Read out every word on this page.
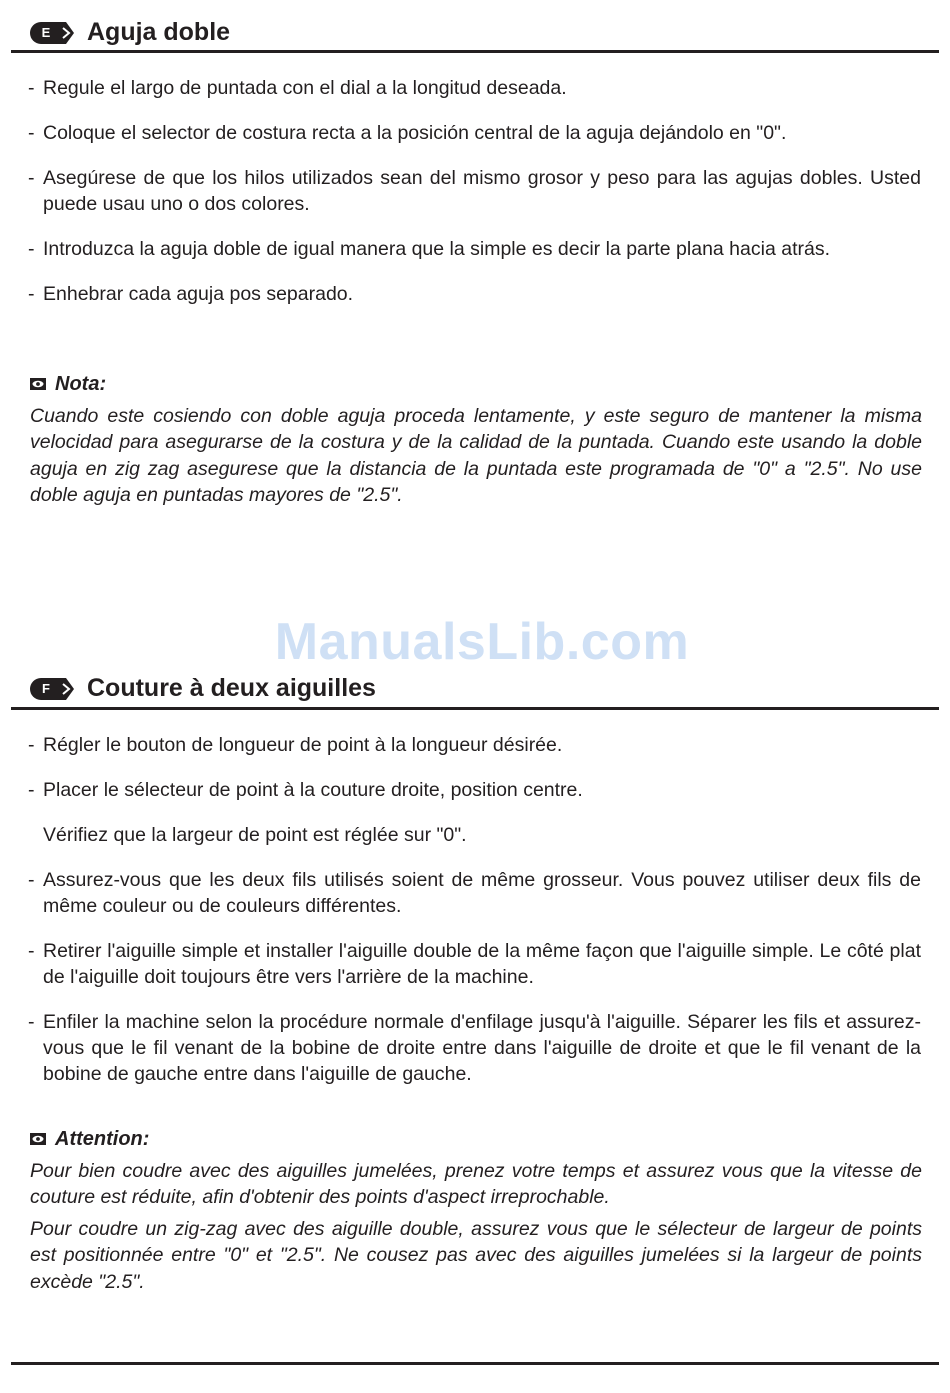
ManualsLib.com
E	Aguja doble
- Regule el largo de puntada con el dial a la longitud deseada.
- Coloque el selector de costura recta a la posición central de la aguja dejándolo en "0".
- Asegúrese de que los hilos utilizados sean del mismo grosor y peso para las agujas dobles. Usted puede usau uno o dos colores.
- Introduzca la aguja doble de igual manera que la simple es decir la parte plana hacia atrás.
- Enhebrar cada aguja pos separado.
Nota:

Cuando este cosiendo con doble aguja proceda lentamente, y este seguro de mantener la misma velocidad para asegurarse de la costura y de la calidad de la puntada. Cuando este usando la doble aguja en zig zag asegurese que la distancia de la puntada este programada de "0" a "2.5". No use doble aguja en puntadas mayores de "2.5".

F	Couture à deux aiguilles
- Régler le bouton de longueur de point à la longueur désirée.
- Placer le sélecteur de point à la couture droite, position centre.
Vérifiez que la largeur de point est réglée sur "0".
- Assurez-vous que les deux fils utilisés soient de même grosseur. Vous pouvez utiliser deux fils de même couleur ou de couleurs différentes.
- Retirer l'aiguille simple et installer l'aiguille double de la même façon que l'aiguille simple. Le côté plat de l'aiguille doit toujours être vers l'arrière de la machine.
- Enfiler la machine selon la procédure normale d'enfilage jusqu'à l'aiguille. Séparer les fils et assurez-vous que le fil venant de la bobine de droite entre dans l'aiguille de droite et que le fil venant de la bobine de gauche entre dans l'aiguille de gauche.
Attention:

Pour bien coudre avec des aiguilles jumelées, prenez votre temps et assurez vous que la vitesse de couture est réduite, afin d'obtenir des points d'aspect irreprochable.

Pour coudre un zig-zag avec des aiguille double, assurez vous que le sélecteur de largeur de points est positionnée entre "0" et "2.5". Ne cousez pas avec des aiguilles jumelées si la largeur de points excède "2.5".
